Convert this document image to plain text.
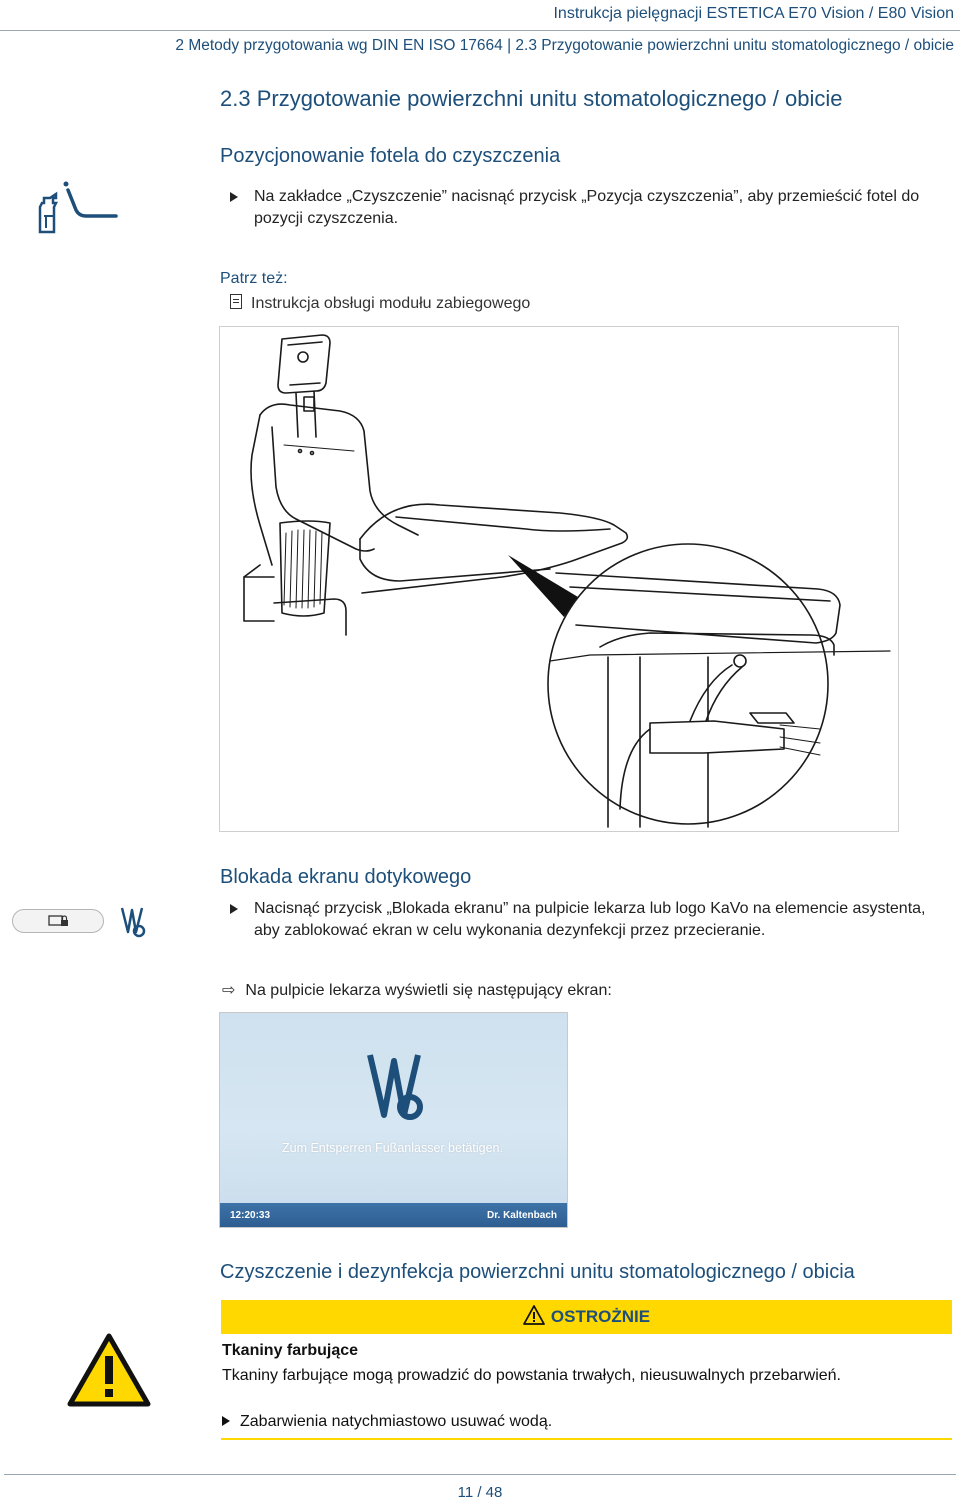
Instrukcja pielęgnacji ESTETICA E70 Vision / E80 Vision
2 Metody przygotowania wg DIN EN ISO 17664 | 2.3 Przygotowanie powierzchni unitu stomatologicznego / obicie
2.3 Przygotowanie powierzchni unitu stomatologicznego / obicie
Pozycjonowanie fotela do czyszczenia
Na zakładce „Czyszczenie” nacisnąć przycisk „Pozycja czyszczenia”, aby przemieścić fotel do pozycji czyszczenia.
Patrz też:
Instrukcja obsługi modułu zabiegowego
Blokada ekranu dotykowego
Nacisnąć przycisk „Blokada ekranu” na pulpicie lekarza lub logo KaVo na elemencie asystenta, aby zablokować ekran w celu wykonania dezynfekcji przez przecieranie.
⇨ Na pulpicie lekarza wyświetli się następujący ekran:
Zum Entsperren Fußanlasser betätigen.
12:20:33	Dr. Kaltenbach
Czyszczenie i dezynfekcja powierzchni unitu stomatologicznego / obicia
OSTROŻNIE
Tkaniny farbujące
Tkaniny farbujące mogą prowadzić do powstania trwałych, nieusuwalnych przebarwień.
Zabarwienia natychmiastowo usuwać wodą.
11 / 48
